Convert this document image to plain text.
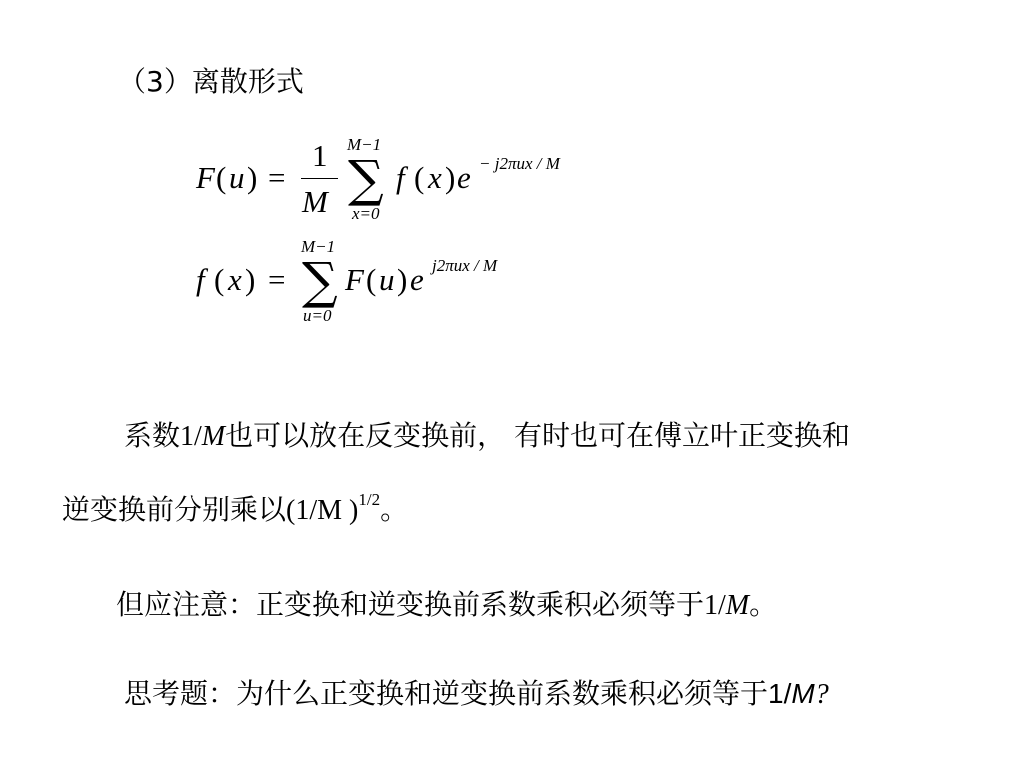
（3）离散形式
F ( u ) =
1
M
M−1
∑
x=0
f ( x ) e − j2πux / M
f ( x ) =
M−1
∑
u=0
F ( u ) e j2πux / M
系数1/M也可以放在反变换前， 有时也可在傅立叶正变换和
逆变换前分别乘以(1/M )$^{1/2}$。
但应注意：正变换和逆变换前系数乘积必须等于1/M。
思考题：为什么正变换和逆变换前系数乘积必须等于1/M?
